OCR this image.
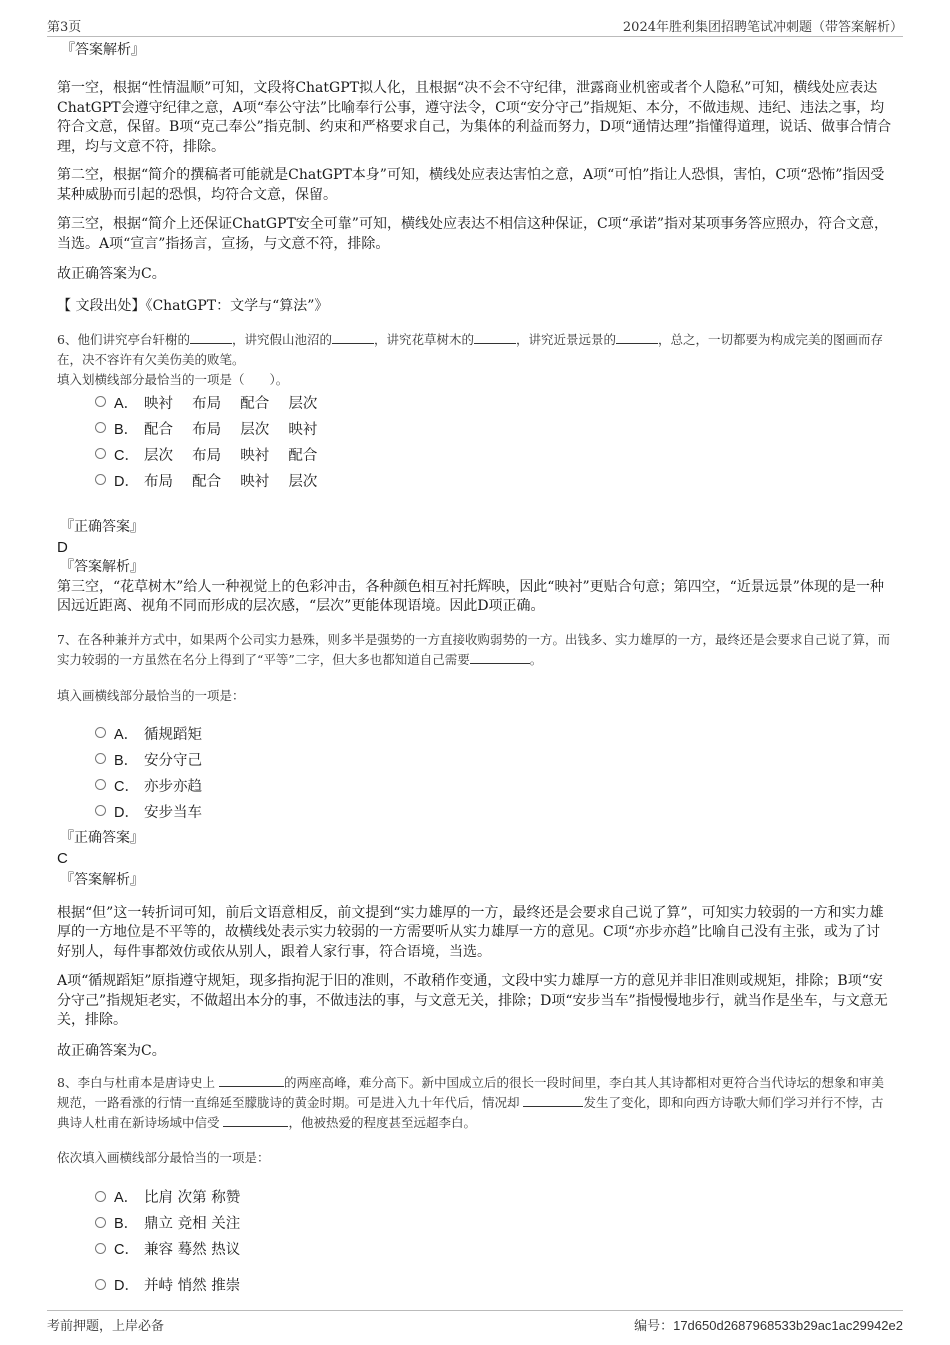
第3页	2024年胜利集团招聘笔试冲刺题（带答案解析）

『答案解析』

第一空，根据“性情温顺”可知，文段将ChatGPT拟人化，且根据“决不会不守纪律，泄露商业机密或者个人隐私”可知，横线处应表达ChatGPT会遵守纪律之意，A项“奉公守法”比喻奉行公事，遵守法令，C项“安分守己”指规矩、本分，不做违规、违纪、违法之事，均符合文意，保留。B项“克己奉公”指克制、约束和严格要求自己，为集体的利益而努力，D项“通情达理”指懂得道理，说话、做事合情合理，均与文意不符，排除。

第二空，根据“简介的撰稿者可能就是ChatGPT本身”可知，横线处应表达害怕之意，A项“可怕”指让人恐惧，害怕，C项“恐怖”指因受某种威胁而引起的恐惧，均符合文意，保留。

第三空，根据“简介上还保证ChatGPT安全可靠”可知，横线处应表达不相信这种保证，C项“承诺”指对某项事务答应照办，符合文意，当选。A项“宣言”指扬言，宣扬，与文意不符，排除。

故正确答案为C。

【 文段出处】《ChatGPT：文学与“算法”》

6、他们讲究亭台轩榭的	，讲究假山池沼的	，讲究花草树木的	，讲究近景远景的	，总之，一切都要为构成完美的图画而存在，决不容许有欠美伤美的败笔。

填入划横线部分最恰当的一项是（　　）。

A． 映衬　 布局　 配合　 层次
B． 配合　 布局　 层次　 映衬
C． 层次　 布局　 映衬　 配合
D． 布局　 配合　 映衬　 层次

『正确答案』

D

『答案解析』

第三空，“花草树木”给人一种视觉上的色彩冲击，各种颜色相互衬托辉映，因此“映衬”更贴合句意；第四空，“近景远景”体现的是一种因远近距离、视角不同而形成的层次感，“层次”更能体现语境。因此D项正确。

7、在各种兼并方式中，如果两个公司实力悬殊，则多半是强势的一方直接收购弱势的一方。出钱多、实力雄厚的一方，最终还是会要求自己说了算，而实力较弱的一方虽然在名分上得到了“平等”二字，但大多也都知道自己需要	。

填入画横线部分最恰当的一项是：

A． 循规蹈矩
B． 安分守己
C． 亦步亦趋
D． 安步当车

『正确答案』

C

『答案解析』

根据“但”这一转折词可知，前后文语意相反，前文提到“实力雄厚的一方，最终还是会要求自己说了算”，可知实力较弱的一方和实力雄厚的一方地位是不平等的，故横线处表示实力较弱的一方需要听从实力雄厚一方的意见。C项“亦步亦趋”比喻自己没有主张，或为了讨好别人，每件事都效仿或依从别人，跟着人家行事，符合语境，当选。

A项“循规蹈矩”原指遵守规矩，现多指拘泥于旧的准则，不敢稍作变通，文段中实力雄厚一方的意见并非旧准则或规矩，排除；B项“安分守己”指规矩老实，不做超出本分的事，不做违法的事，与文意无关，排除；D项“安步当车”指慢慢地步行，就当作是坐车，与文意无关，排除。

故正确答案为C。

8、李白与杜甫本是唐诗史上	的两座高峰，难分高下。新中国成立后的很长一段时间里，李白其人其诗都相对更符合当代诗坛的想象和审美规范，一路看涨的行情一直绵延至朦胧诗的黄金时期。可是进入九十年代后，情况却	发生了变化，即和向西方诗歌大师们学习并行不悖，古典诗人杜甫在新诗场域中信受	，他被热爱的程度甚至远超李白。

依次填入画横线部分最恰当的一项是：

A． 比肩 次第 称赞
B． 鼎立 竞相 关注
C． 兼容 蓦然 热议
D． 并峙 悄然 推崇
考前押题，上岸必备	编号：17d650d2687968533b29ac1ac29942e2
